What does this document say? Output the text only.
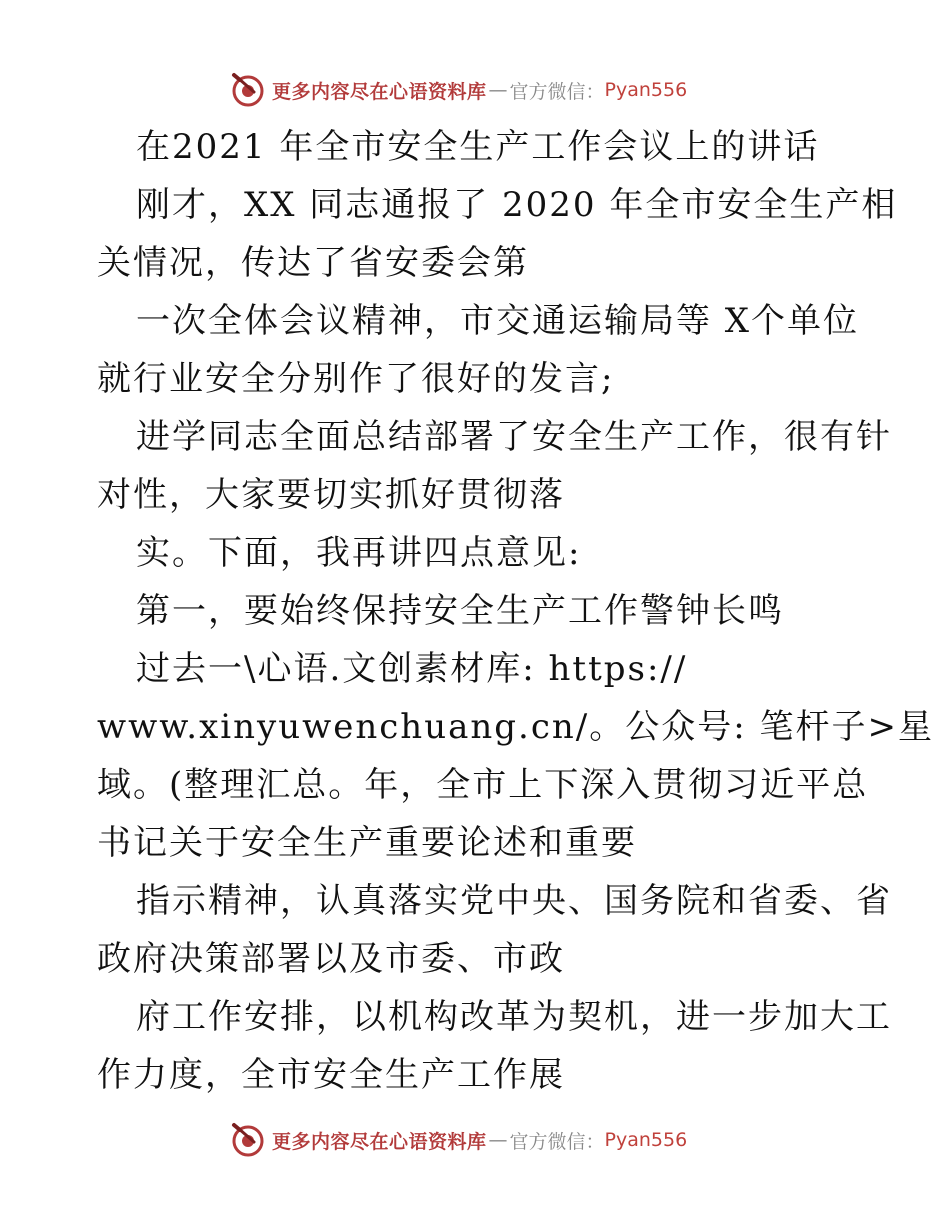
更多内容尽在心语资料库 — 官方微信： Pyan556
在2021 年全市安全生产工作会议上的讲话
刚才，XX 同志通报了 2020 年全市安全生产相
关情况，传达了省安委会第
一次全体会议精神，市交通运输局等 X个单位
就行业安全分别作了很好的发言;
进学同志全面总结部署了安全生产工作，很有针
对性，大家要切实抓好贯彻落
实。下面，我再讲四点意见:
第一，要始终保持安全生产工作警钟长鸣
过去一\心语.文创素材库: https://
www.xinyuwenchuang.cn/。公众号: 笔杆子>星
域。(整理汇总。年，全市上下深入贯彻习近平总
书记关于安全生产重要论述和重要
指示精神，认真落实党中央、国务院和省委、省
政府决策部署以及市委、市政
府工作安排，以机构改革为契机，进一步加大工
作力度，全市安全生产工作展
更多内容尽在心语资料库 — 官方微信： Pyan556
